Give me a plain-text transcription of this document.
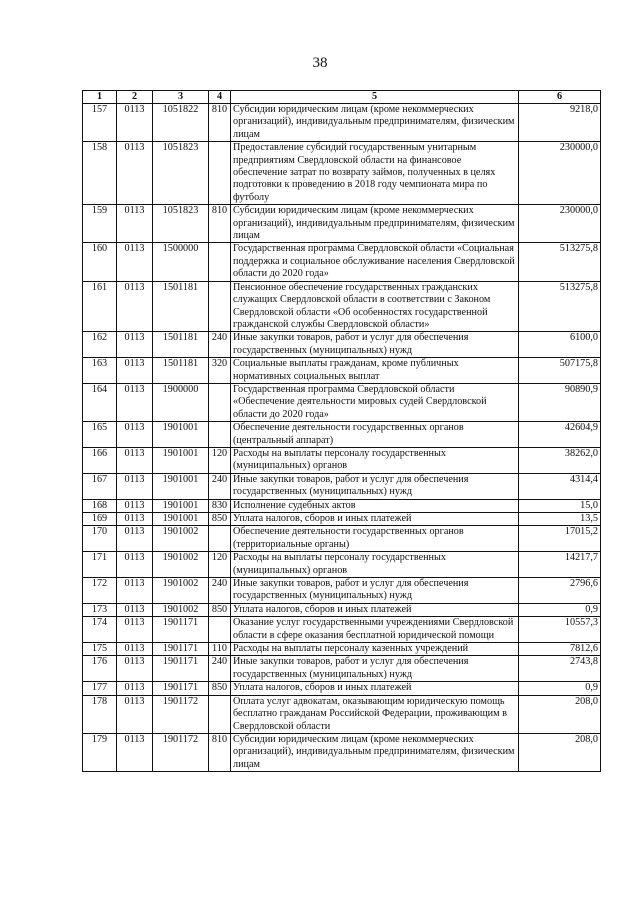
38
1	2	3	4	5	6
157	0113	1051822	810	Субсидии юридическим лицам (кроме некоммерческих организаций), индивидуальным предпринимателям, физическим лицам	9218,0
158	0113	1051823		Предоставление субсидий государственным унитарным предприятиям Свердловской области на финансовое обеспечение затрат по возврату займов, полученных в целях подготовки к проведению в 2018 году чемпионата мира по футболу	230000,0
159	0113	1051823	810	Субсидии юридическим лицам (кроме некоммерческих организаций), индивидуальным предпринимателям, физическим лицам	230000,0
160	0113	1500000		Государственная программа Свердловской области «Социальная поддержка и социальное обслуживание населения Свердловской области до 2020 года»	513275,8
161	0113	1501181		Пенсионное обеспечение государственных гражданских служащих Свердловской области в соответствии с Законом Свердловской области «Об особенностях государственной гражданской службы Свердловской области»	513275,8
162	0113	1501181	240	Иные закупки товаров, работ и услуг для обеспечения государственных (муниципальных) нужд	6100,0
163	0113	1501181	320	Социальные выплаты гражданам, кроме публичных нормативных социальных выплат	507175,8
164	0113	1900000		Государственная программа Свердловской области «Обеспечение деятельности мировых судей Свердловской области до 2020 года»	90890,9
165	0113	1901001		Обеспечение деятельности государственных органов (центральный аппарат)	42604,9
166	0113	1901001	120	Расходы на выплаты персоналу государственных (муниципальных) органов	38262,0
167	0113	1901001	240	Иные закупки товаров, работ и услуг для обеспечения государственных (муниципальных) нужд	4314,4
168	0113	1901001	830	Исполнение судебных актов	15,0
169	0113	1901001	850	Уплата налогов, сборов и иных платежей	13,5
170	0113	1901002		Обеспечение деятельности государственных органов (территориальные органы)	17015,2
171	0113	1901002	120	Расходы на выплаты персоналу государственных (муниципальных) органов	14217,7
172	0113	1901002	240	Иные закупки товаров, работ и услуг для обеспечения государственных (муниципальных) нужд	2796,6
173	0113	1901002	850	Уплата налогов, сборов и иных платежей	0,9
174	0113	1901171		Оказание услуг государственными учреждениями Свердловской области в сфере оказания бесплатной юридической помощи	10557,3
175	0113	1901171	110	Расходы на выплаты персоналу казенных учреждений	7812,6
176	0113	1901171	240	Иные закупки товаров, работ и услуг для обеспечения государственных (муниципальных) нужд	2743,8
177	0113	1901171	850	Уплата налогов, сборов и иных платежей	0,9
178	0113	1901172		Оплата услуг адвокатам, оказывающим юридическую помощь бесплатно гражданам Российской Федерации, проживающим в Свердловской области	208,0
179	0113	1901172	810	Субсидии юридическим лицам (кроме некоммерческих организаций), индивидуальным предпринимателям, физическим лицам	208,0
